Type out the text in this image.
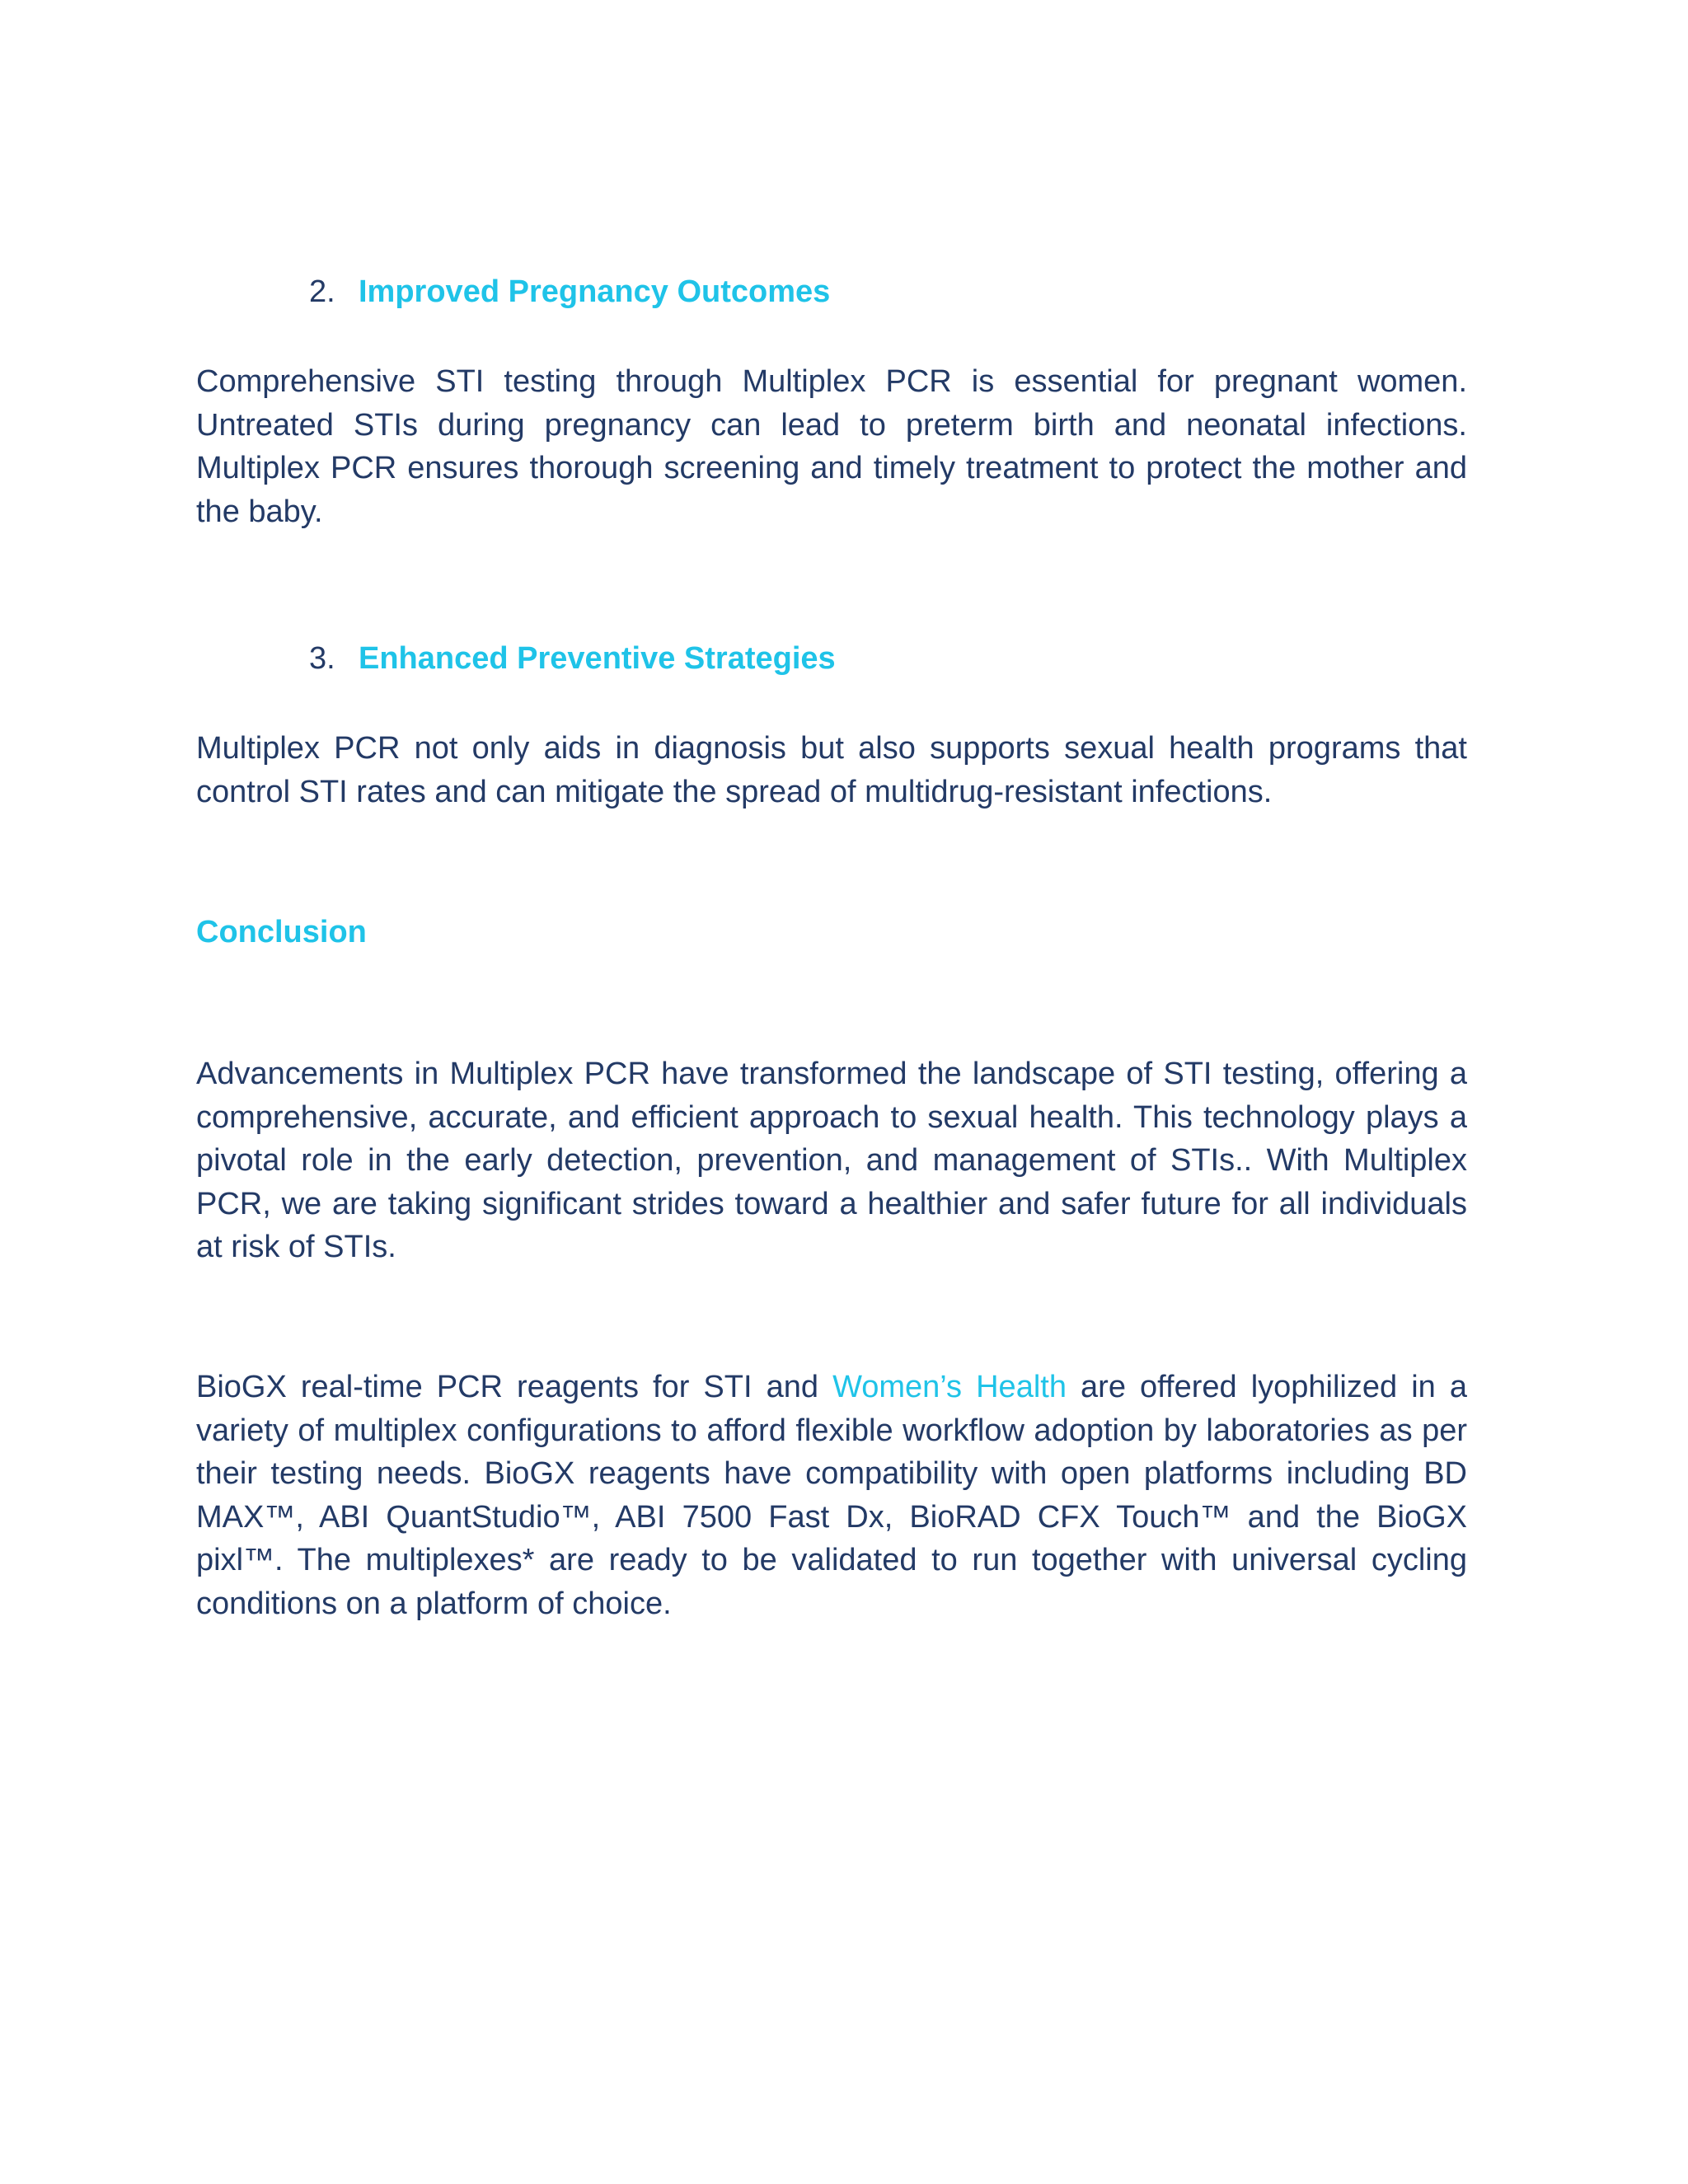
2. Improved Pregnancy Outcomes

Comprehensive STI testing through Multiplex PCR is essential for pregnant women. Untreated STIs during pregnancy can lead to preterm birth and neonatal infections. Multiplex PCR ensures thorough screening and timely treatment to protect the mother and the baby.

3. Enhanced Preventive Strategies

Multiplex PCR not only aids in diagnosis but also supports sexual health programs that control STI rates and can mitigate the spread of multidrug-resistant infections.

Conclusion

Advancements in Multiplex PCR have transformed the landscape of STI testing, offering a comprehensive, accurate, and efficient approach to sexual health. This technology plays a pivotal role in the early detection, prevention, and management of STIs.. With Multiplex PCR, we are taking significant strides toward a healthier and safer future for all individuals at risk of STIs.

BioGX real-time PCR reagents for STI and Women’s Health are offered lyophilized in a variety of multiplex configurations to afford flexible workflow adoption by laboratories as per their testing needs. BioGX reagents have compatibility with open platforms including BD MAX™, ABI QuantStudio™, ABI 7500 Fast Dx, BioRAD CFX Touch™ and the BioGX pixl™. The multiplexes* are ready to be validated to run together with universal cycling conditions on a platform of choice.
